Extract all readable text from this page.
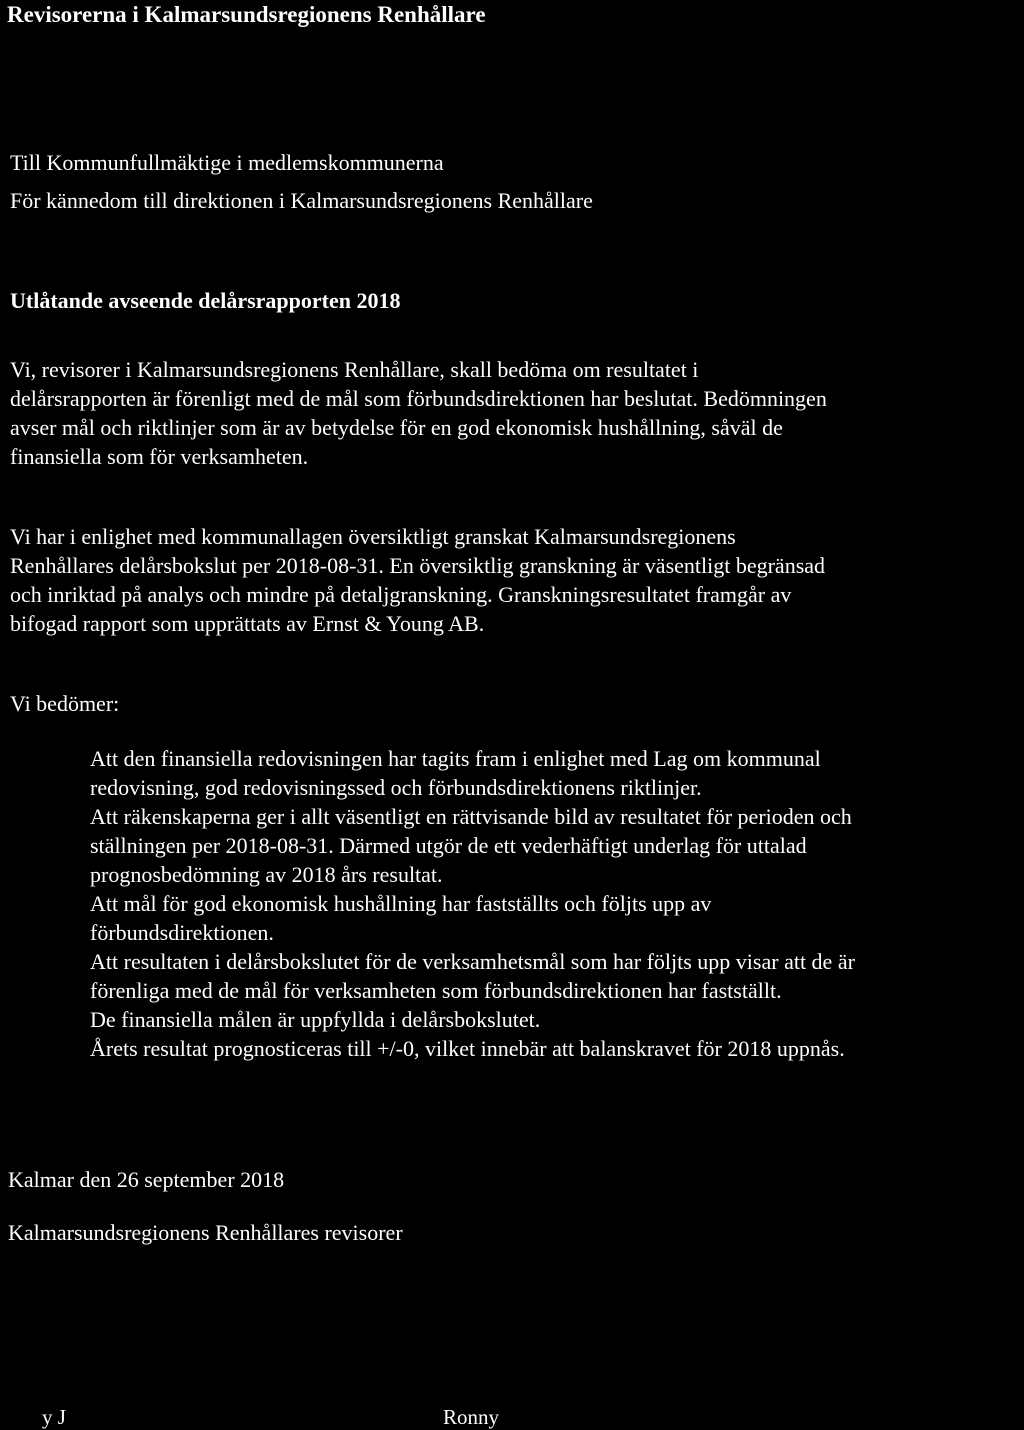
Revisorerna i Kalmarsundsregionens Renhållare
Till Kommunfullmäktige i medlemskommunerna
För kännedom till direktionen i Kalmarsundsregionens Renhållare
Utlåtande avseende delårsrapporten 2018
Vi, revisorer i Kalmarsundsregionens Renhållare, skall bedöma om resultatet i
delårsrapporten är förenligt med de mål som förbundsdirektionen har beslutat. Bedömningen
avser mål och riktlinjer som är av betydelse för en god ekonomisk hushållning, såväl de
finansiella som för verksamheten.
Vi har i enlighet med kommunallagen översiktligt granskat Kalmarsundsregionens
Renhållares delårsbokslut per 2018-08-31. En översiktlig granskning är väsentligt begränsad
och inriktad på analys och mindre på detaljgranskning. Granskningsresultatet framgår av
bifogad rapport som upprättats av Ernst & Young AB.
Vi bedömer:
Att den finansiella redovisningen har tagits fram i enlighet med Lag om kommunal
redovisning, god redovisningssed och förbundsdirektionens riktlinjer.
Att räkenskaperna ger i allt väsentligt en rättvisande bild av resultatet för perioden och
ställningen per 2018-08-31. Därmed utgör de ett vederhäftigt underlag för uttalad
prognosbedömning av 2018 års resultat.
Att mål för god ekonomisk hushållning har fastställts och följts upp av
förbundsdirektionen.
Att resultaten i delårsbokslutet för de verksamhetsmål som har följts upp visar att de är
förenliga med de mål för verksamheten som förbundsdirektionen har fastställt.
De finansiella målen är uppfyllda i delårsbokslutet.
Årets resultat prognosticeras till +/-0, vilket innebär att balanskravet för 2018 uppnås.
Kalmar den 26 september 2018
Kalmarsundsregionens Renhållares revisorer
y J	Ronny
